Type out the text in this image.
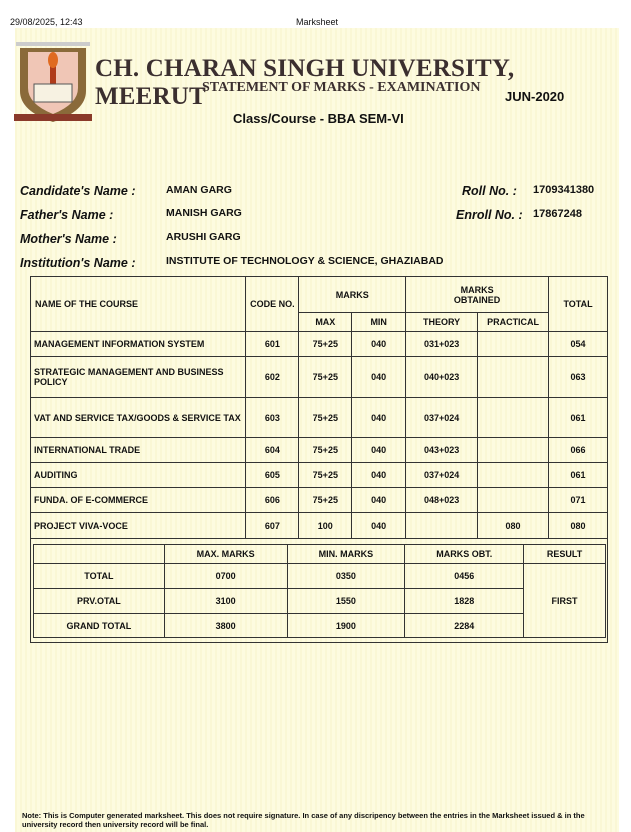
29/08/2025, 12:43	Marksheet
CH. CHARAN SINGH UNIVERSITY, MEERUT
STATEMENT OF MARKS - EXAMINATION
JUN-2020
Class/Course - BBA SEM-VI
Candidate's Name :	AMAN GARG
Father's Name :	MANISH GARG
Mother's Name :	ARUSHI GARG
Institution's Name :	INSTITUTE OF TECHNOLOGY & SCIENCE, GHAZIABAD
Roll No. : 1709341380
Enroll No. : 17867248
NAME OF THE COURSE	CODE NO.	MARKS		MARKS OBTAINED		TOTAL
		MAX	MIN	THEORY	PRACTICAL	
MANAGEMENT INFORMATION SYSTEM	601	75+25	040	031+023		054
STRATEGIC MANAGEMENT AND BUSINESS POLICY	602	75+25	040	040+023		063
VAT AND SERVICE TAX/GOODS & SERVICE TAX	603	75+25	040	037+024		061
INTERNATIONAL TRADE	604	75+25	040	043+023		066
AUDITING	605	75+25	040	037+024		061
FUNDA. OF E-COMMERCE	606	75+25	040	048+023		071
PROJECT VIVA-VOCE	607	100	040		080	080
	MAX. MARKS	MIN. MARKS	MARKS OBT.	RESULT
TOTAL	0700	0350	0456	FIRST
PRV.OTAL	3100	1550	1828	
GRAND TOTAL	3800	1900	2284	
Note: This is Computer generated marksheet. This does not require signature. In case of any discripency between the entries in the Marksheet issued & in the university record then university record will be final.
